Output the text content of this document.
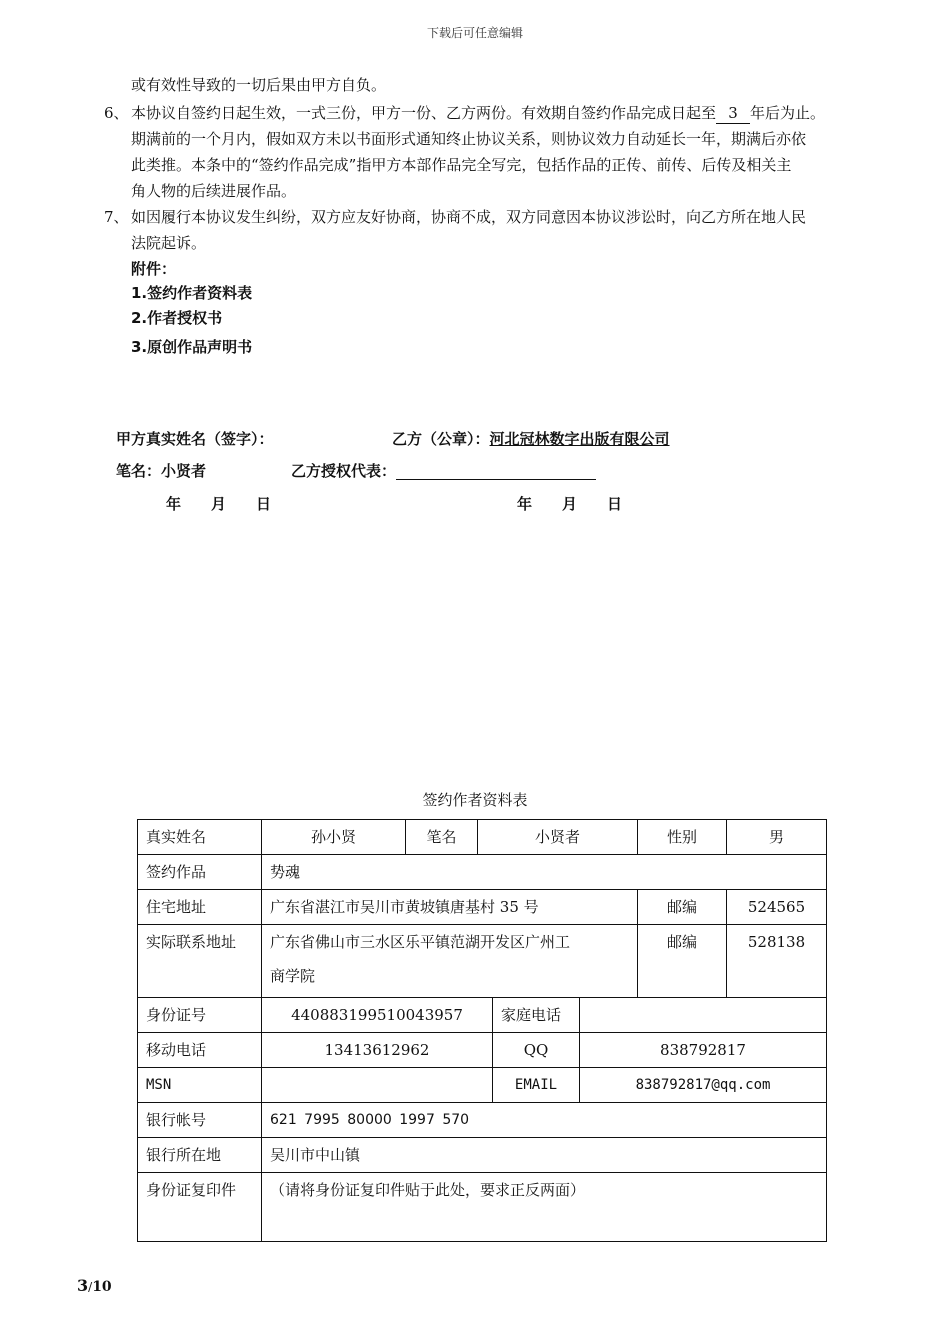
下载后可任意编辑
或有效性导致的一切后果由甲方自负。
6、 本协议自签约日起生效，一式三份，甲方一份、乙方两份。有效期自签约作品完成日起至 3 年后为止。
期满前的一个月内，假如双方未以书面形式通知终止协议关系，则协议效力自动延长一年，期满后亦依
此类推。本条中的“签约作品完成”指甲方本部作品完全写完，包括作品的正传、前传、后传及相关主
角人物的后续进展作品。
7、 如因履行本协议发生纠纷，双方应友好协商，协商不成，双方同意因本协议涉讼时，向乙方所在地人民
法院起诉。
附件：
1.签约作者资料表
2.作者授权书
3.原创作品声明书
甲方真实姓名（签字）：	乙方（公章）：河北冠林数字出版有限公司
笔名：小贤者	乙方授权代表：
年　　月　　日	年　　月　　日
签约作者资料表
真实姓名	孙小贤	笔名	小贤者			性别	男
签约作品	势魂						
住宅地址	广东省湛江市吴川市黄坡镇唐基村 35 号					邮编	524565
实际联系地址	广东省佛山市三水区乐平镇范湖开发区广州工
商学院					邮编	528138
身份证号	440883199510043957			家庭电话			
移动电话	13413612962			QQ	838792817		
MSN				EMAIL	838792817@qq.com		
银行帐号	621 7995 80000 1997 570						
银行所在地	吴川市中山镇						
身份证复印件	（请将身份证复印件贴于此处，要求正反两面）						
3/10
